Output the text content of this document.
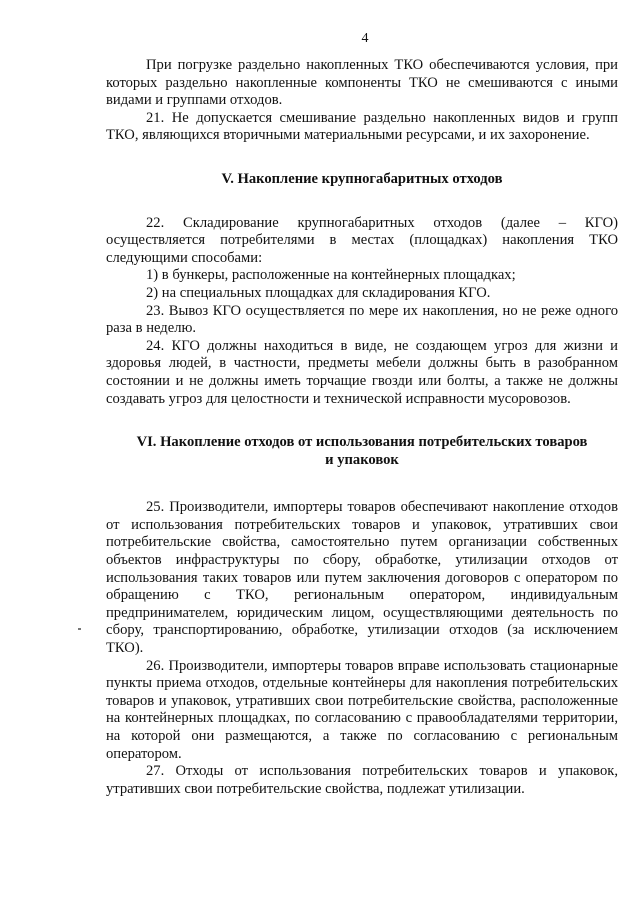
4

При погрузке раздельно накопленных ТКО обеспечиваются условия, при которых раздельно накопленные компоненты ТКО не смешиваются с иными видами и группами отходов.

21. Не допускается смешивание раздельно накопленных видов и групп ТКО, являющихся вторичными материальными ресурсами, и их захоронение.

V. Накопление крупногабаритных отходов

22. Складирование крупногабаритных отходов (далее – КГО) осуществляется потребителями в местах (площадках) накопления ТКО следующими способами:

1) в бункеры, расположенные на контейнерных площадках;

2) на специальных площадках для складирования КГО.

23. Вывоз КГО осуществляется по мере их накопления, но не реже одного раза в неделю.

24. КГО должны находиться в виде, не создающем угроз для жизни и здоровья людей, в частности, предметы мебели должны быть в разобранном состоянии и не должны иметь торчащие гвозди или болты, а также не должны создавать угроз для целостности и технической исправности мусоровозов.

VI. Накопление отходов от использования потребительских товаров
и упаковок

25. Производители, импортеры товаров обеспечивают накопление отходов от использования потребительских товаров и упаковок, утративших свои потребительские свойства, самостоятельно путем организации собственных объектов инфраструктуры по сбору, обработке, утилизации отходов от использования таких товаров или путем заключения договоров с оператором по обращению с ТКО, региональным оператором, индивидуальным предпринимателем, юридическим лицом, осуществляющими деятельность по сбору, транспортированию, обработке, утилизации отходов (за исключением ТКО).

26. Производители, импортеры товаров вправе использовать стационарные пункты приема отходов, отдельные контейнеры для накопления потребительских товаров и упаковок, утративших свои потребительские свойства, расположенные на контейнерных площадках, по согласованию с правообладателями территории, на которой они размещаются, а также по согласованию с региональным оператором.

27. Отходы от использования потребительских товаров и упаковок, утративших свои потребительские свойства, подлежат утилизации.
